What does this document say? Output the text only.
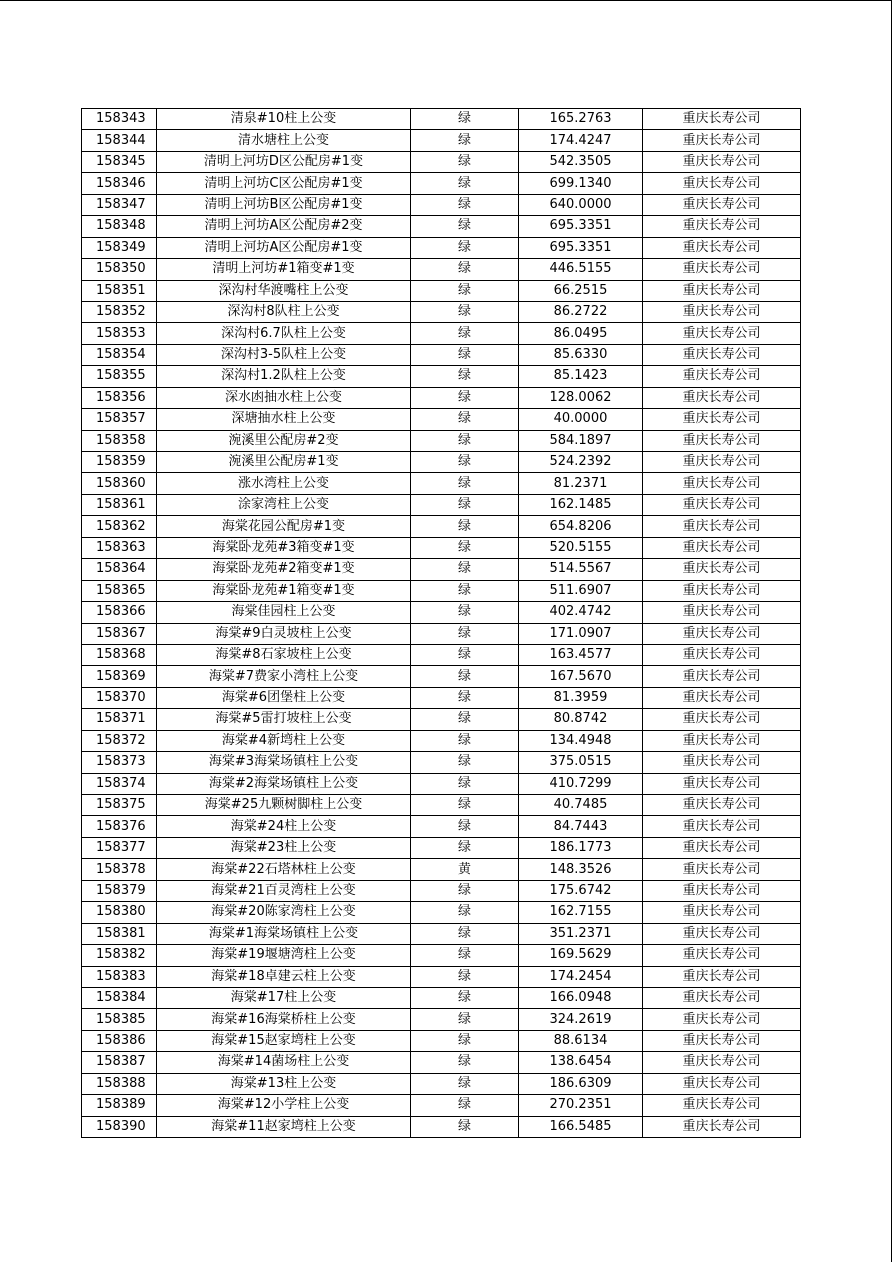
158343	清泉#10柱上公变	绿	165.2763	重庆长寿公司
158344	清水塘柱上公变	绿	174.4247	重庆长寿公司
158345	清明上河坊D区公配房#1变	绿	542.3505	重庆长寿公司
158346	清明上河坊C区公配房#1变	绿	699.1340	重庆长寿公司
158347	清明上河坊B区公配房#1变	绿	640.0000	重庆长寿公司
158348	清明上河坊A区公配房#2变	绿	695.3351	重庆长寿公司
158349	清明上河坊A区公配房#1变	绿	695.3351	重庆长寿公司
158350	清明上河坊#1箱变#1变	绿	446.5155	重庆长寿公司
158351	深沟村华渡嘴柱上公变	绿	66.2515	重庆长寿公司
158352	深沟村8队柱上公变	绿	86.2722	重庆长寿公司
158353	深沟村6.7队柱上公变	绿	86.0495	重庆长寿公司
158354	深沟村3-5队柱上公变	绿	85.6330	重庆长寿公司
158355	深沟村1.2队柱上公变	绿	85.1423	重庆长寿公司
158356	深水凼抽水柱上公变	绿	128.0062	重庆长寿公司
158357	深塘抽水柱上公变	绿	40.0000	重庆长寿公司
158358	涴溪里公配房#2变	绿	584.1897	重庆长寿公司
158359	涴溪里公配房#1变	绿	524.2392	重庆长寿公司
158360	涨水湾柱上公变	绿	81.2371	重庆长寿公司
158361	涂家湾柱上公变	绿	162.1485	重庆长寿公司
158362	海棠花园公配房#1变	绿	654.8206	重庆长寿公司
158363	海棠卧龙苑#3箱变#1变	绿	520.5155	重庆长寿公司
158364	海棠卧龙苑#2箱变#1变	绿	514.5567	重庆长寿公司
158365	海棠卧龙苑#1箱变#1变	绿	511.6907	重庆长寿公司
158366	海棠佳园柱上公变	绿	402.4742	重庆长寿公司
158367	海棠#9白灵坡柱上公变	绿	171.0907	重庆长寿公司
158368	海棠#8石家坡柱上公变	绿	163.4577	重庆长寿公司
158369	海棠#7费家小湾柱上公变	绿	167.5670	重庆长寿公司
158370	海棠#6团堡柱上公变	绿	81.3959	重庆长寿公司
158371	海棠#5雷打坡柱上公变	绿	80.8742	重庆长寿公司
158372	海棠#4新塆柱上公变	绿	134.4948	重庆长寿公司
158373	海棠#3海棠场镇柱上公变	绿	375.0515	重庆长寿公司
158374	海棠#2海棠场镇柱上公变	绿	410.7299	重庆长寿公司
158375	海棠#25九颗树脚柱上公变	绿	40.7485	重庆长寿公司
158376	海棠#24柱上公变	绿	84.7443	重庆长寿公司
158377	海棠#23柱上公变	绿	186.1773	重庆长寿公司
158378	海棠#22石塔林柱上公变	黄	148.3526	重庆长寿公司
158379	海棠#21百灵湾柱上公变	绿	175.6742	重庆长寿公司
158380	海棠#20陈家湾柱上公变	绿	162.7155	重庆长寿公司
158381	海棠#1海棠场镇柱上公变	绿	351.2371	重庆长寿公司
158382	海棠#19堰塘湾柱上公变	绿	169.5629	重庆长寿公司
158383	海棠#18卓建云柱上公变	绿	174.2454	重庆长寿公司
158384	海棠#17柱上公变	绿	166.0948	重庆长寿公司
158385	海棠#16海棠桥柱上公变	绿	324.2619	重庆长寿公司
158386	海棠#15赵家塆柱上公变	绿	88.6134	重庆长寿公司
158387	海棠#14菌场柱上公变	绿	138.6454	重庆长寿公司
158388	海棠#13柱上公变	绿	186.6309	重庆长寿公司
158389	海棠#12小学柱上公变	绿	270.2351	重庆长寿公司
158390	海棠#11赵家塆柱上公变	绿	166.5485	重庆长寿公司
